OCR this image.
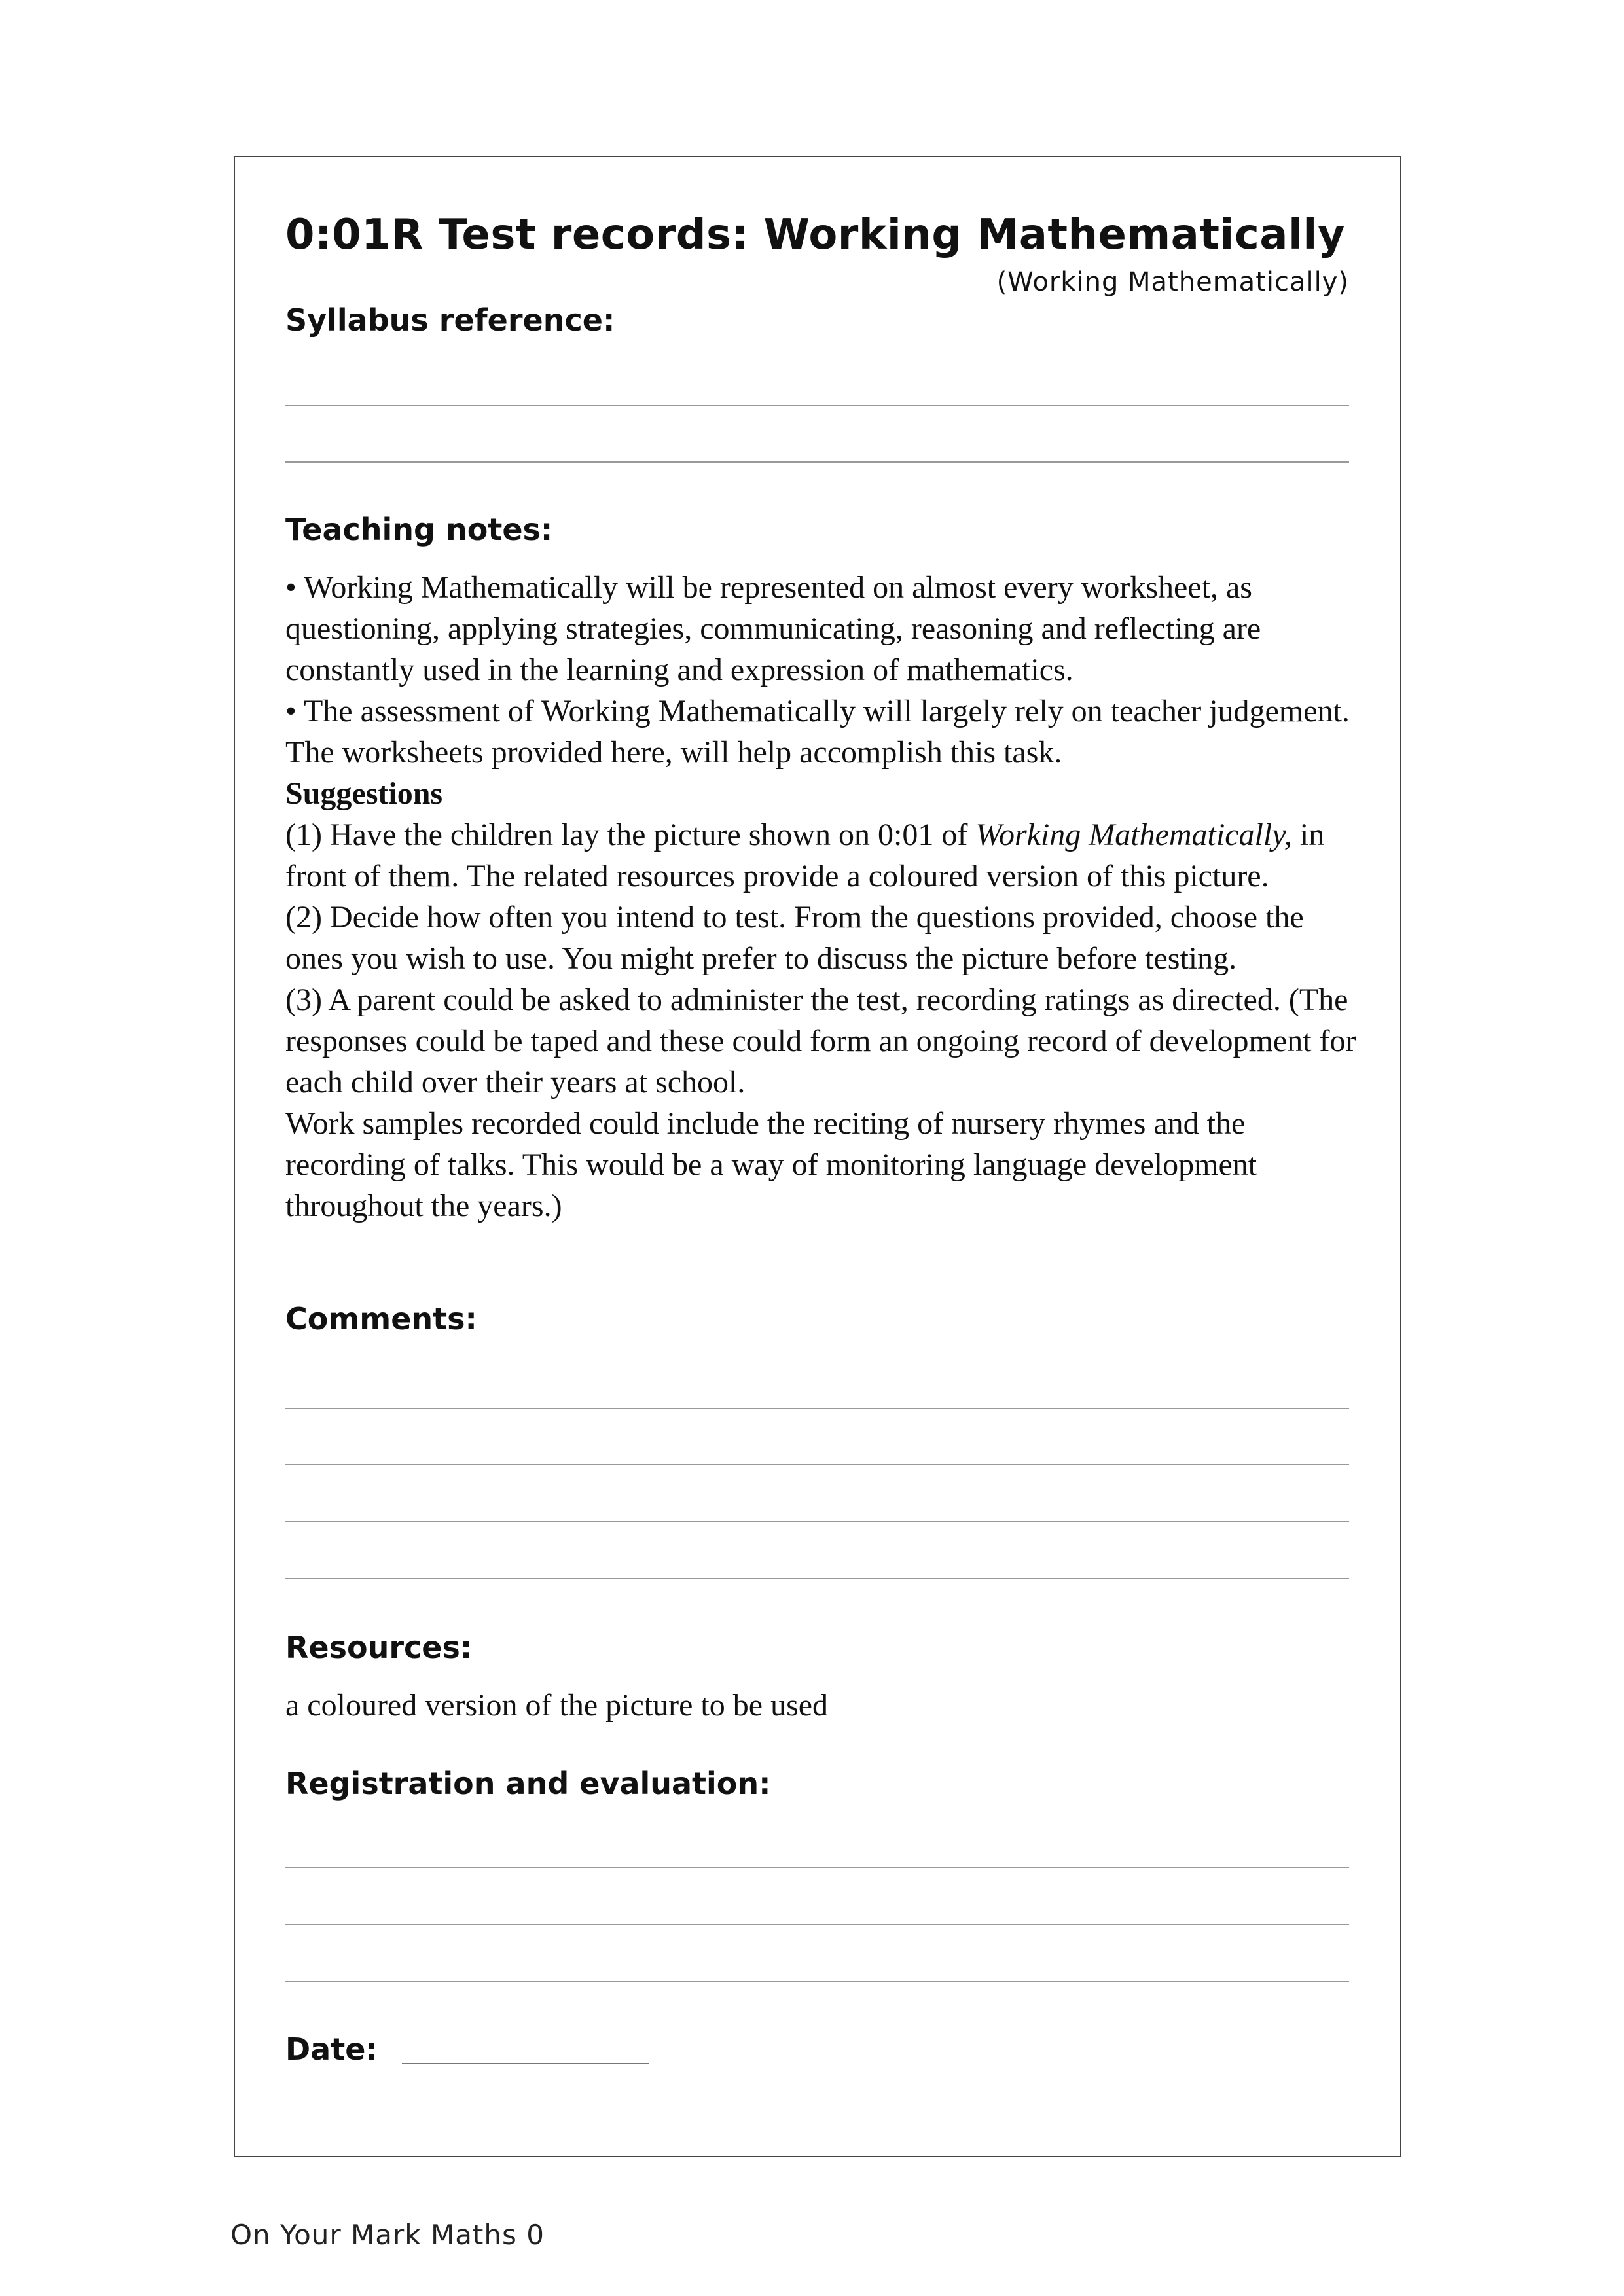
0:01R Test records: Working Mathematically
(Working Mathematically)
Syllabus reference:
Teaching notes:

• Working Mathematically will be represented on almost every worksheet, as questioning, applying strategies, communicating, reasoning and reflecting are constantly used in the learning and expression of mathematics.

• The assessment of Working Mathematically will largely rely on teacher judgement. The worksheets provided here, will help accomplish this task.

Suggestions

(1) Have the children lay the picture shown on 0:01 of Working Mathematically, in front of them. The related resources provide a coloured version of this picture.

(2) Decide how often you intend to test. From the questions provided, choose the ones you wish to use. You might prefer to discuss the picture before testing.

(3) A parent could be asked to administer the test, recording ratings as directed. (The responses could be taped and these could form an ongoing record of development for each child over their years at school.

Work samples recorded could include the reciting of nursery rhymes and the recording of talks. This would be a way of monitoring language development throughout the years.)

Comments:
Resources:
a coloured version of the picture to be used
Registration and evaluation:
Date:
On Your Mark Maths 0
